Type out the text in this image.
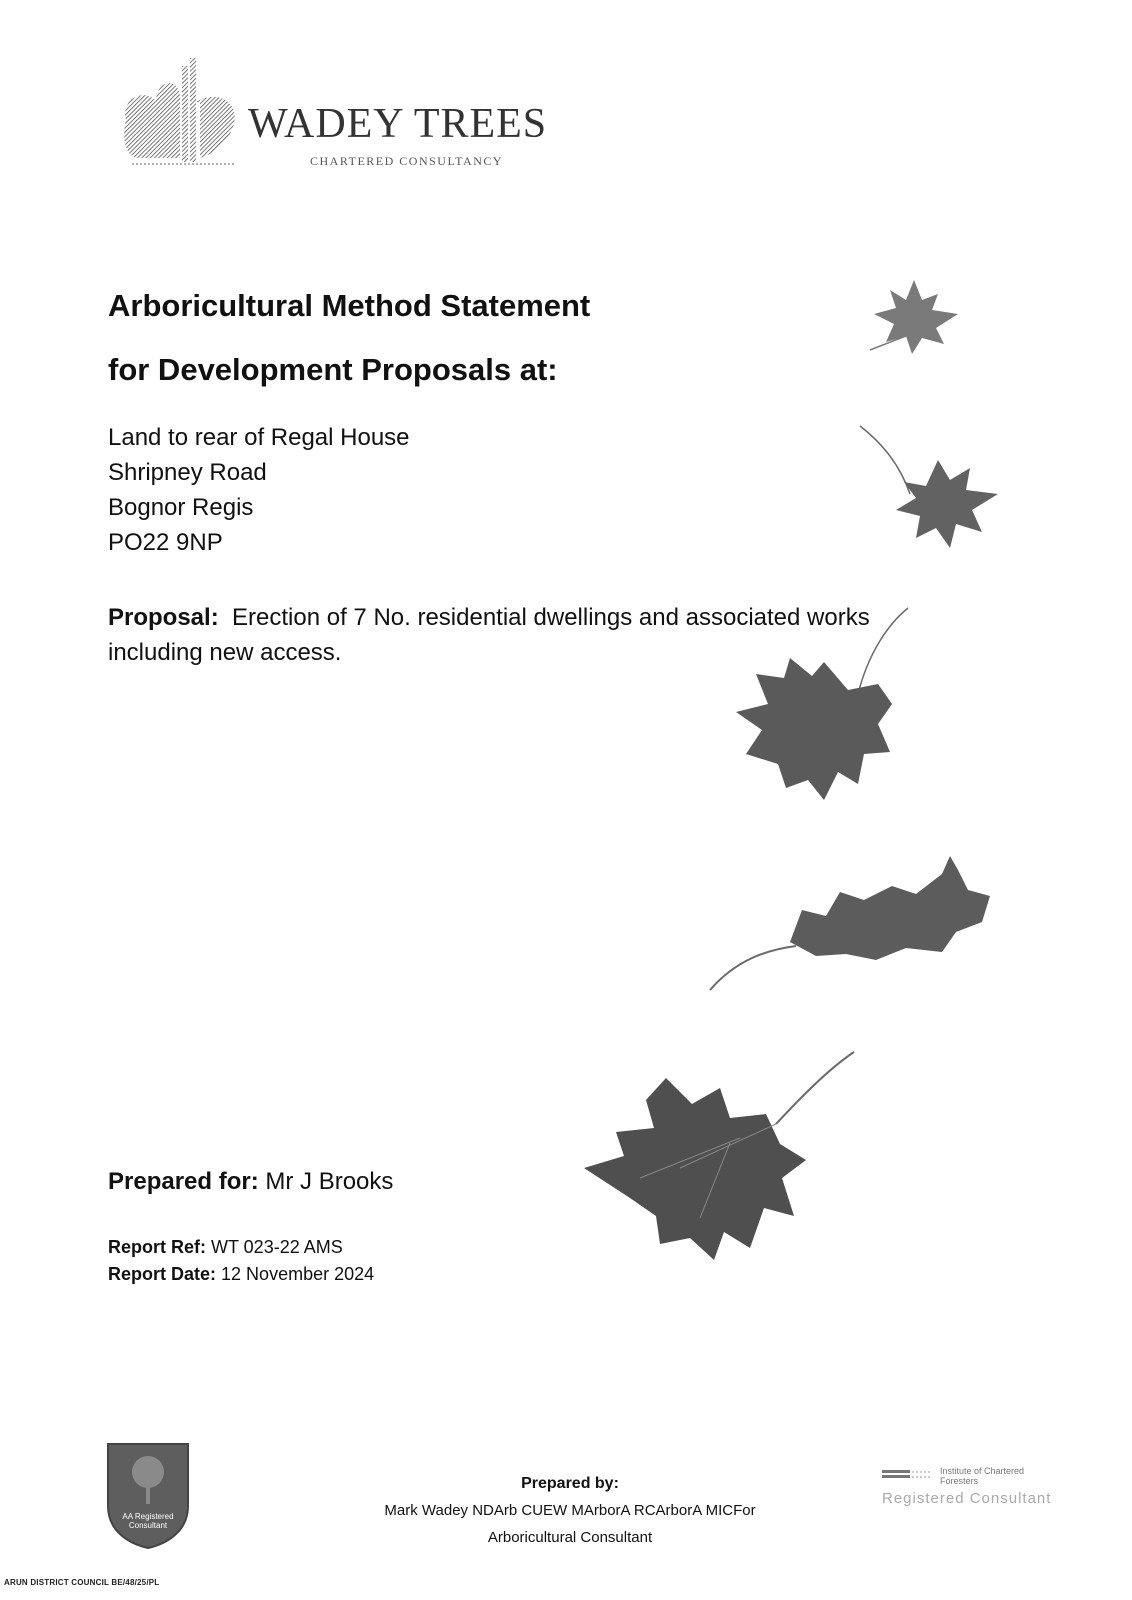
WADEY TREES
CHARTERED CONSULTANCY
Arboricultural Method Statement
for Development Proposals at:
Land to rear of Regal House
Shripney Road
Bognor Regis
PO22 9NP
Proposal: Erection of 7 No. residential dwellings and associated works including new access.
Prepared for: Mr J Brooks
Report Ref: WT 023-22 AMS
Report Date: 12 November 2024
AA Registered Consultant
Prepared by:
Mark Wadey NDArb CUEW MArborA RCArborA MICFor
Arboricultural Consultant
Institute of Chartered Foresters
Registered Consultant
ARUN DISTRICT COUNCIL BE/48/25/PL
